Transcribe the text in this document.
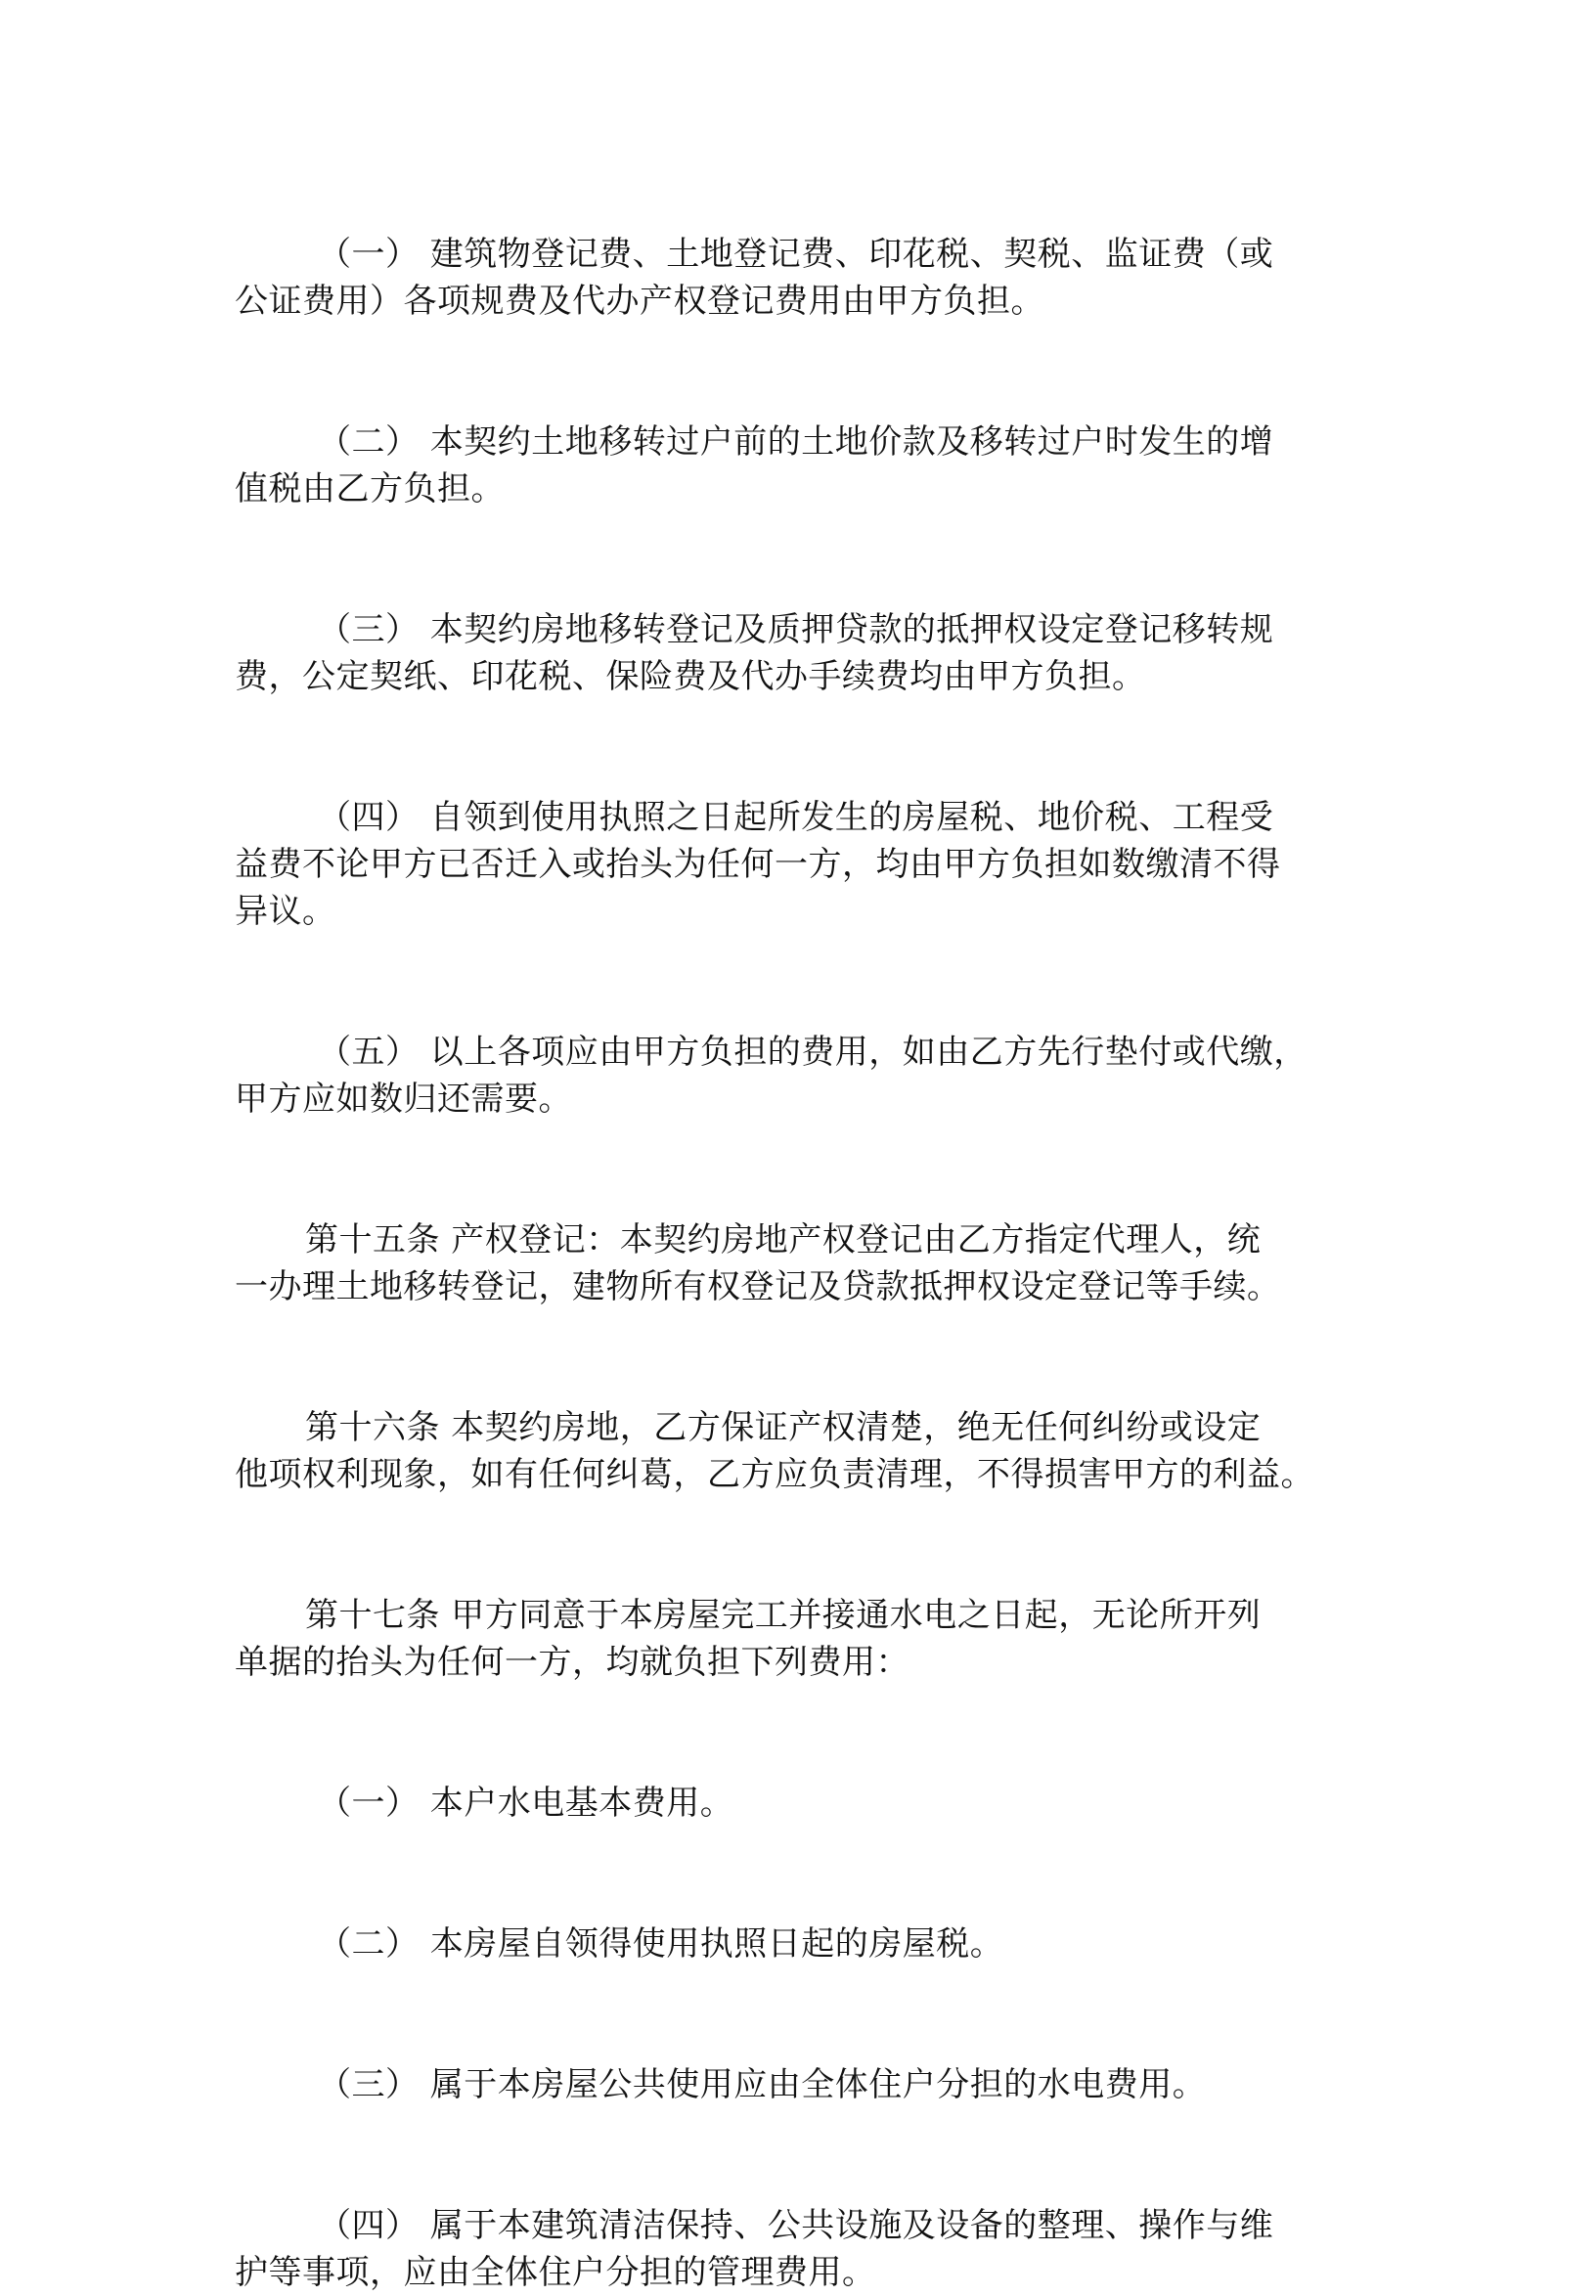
（一） 建筑物登记费、土地登记费、印花税、契税、监证费（或
公证费用）各项规费及代办产权登记费用由甲方负担。

（二） 本契约土地移转过户前的土地价款及移转过户时发生的增
值税由乙方负担。

（三） 本契约房地移转登记及质押贷款的抵押权设定登记移转规
费，公定契纸、印花税、保险费及代办手续费均由甲方负担。

（四） 自领到使用执照之日起所发生的房屋税、地价税、工程受
益费不论甲方已否迁入或抬头为任何一方，均由甲方负担如数缴清不得
异议。

（五） 以上各项应由甲方负担的费用，如由乙方先行垫付或代缴，
甲方应如数归还需要。

第十五条 产权登记：本契约房地产权登记由乙方指定代理人，统
一办理土地移转登记，建物所有权登记及贷款抵押权设定登记等手续。

第十六条 本契约房地，乙方保证产权清楚，绝无任何纠纷或设定
他项权利现象，如有任何纠葛，乙方应负责清理，不得损害甲方的利益。

第十七条 甲方同意于本房屋完工并接通水电之日起，无论所开列
单据的抬头为任何一方，均就负担下列费用：

（一） 本户水电基本费用。

（二） 本房屋自领得使用执照日起的房屋税。

（三） 属于本房屋公共使用应由全体住户分担的水电费用。

（四） 属于本建筑清洁保持、公共设施及设备的整理、操作与维
护等事项，应由全体住户分担的管理费用。
